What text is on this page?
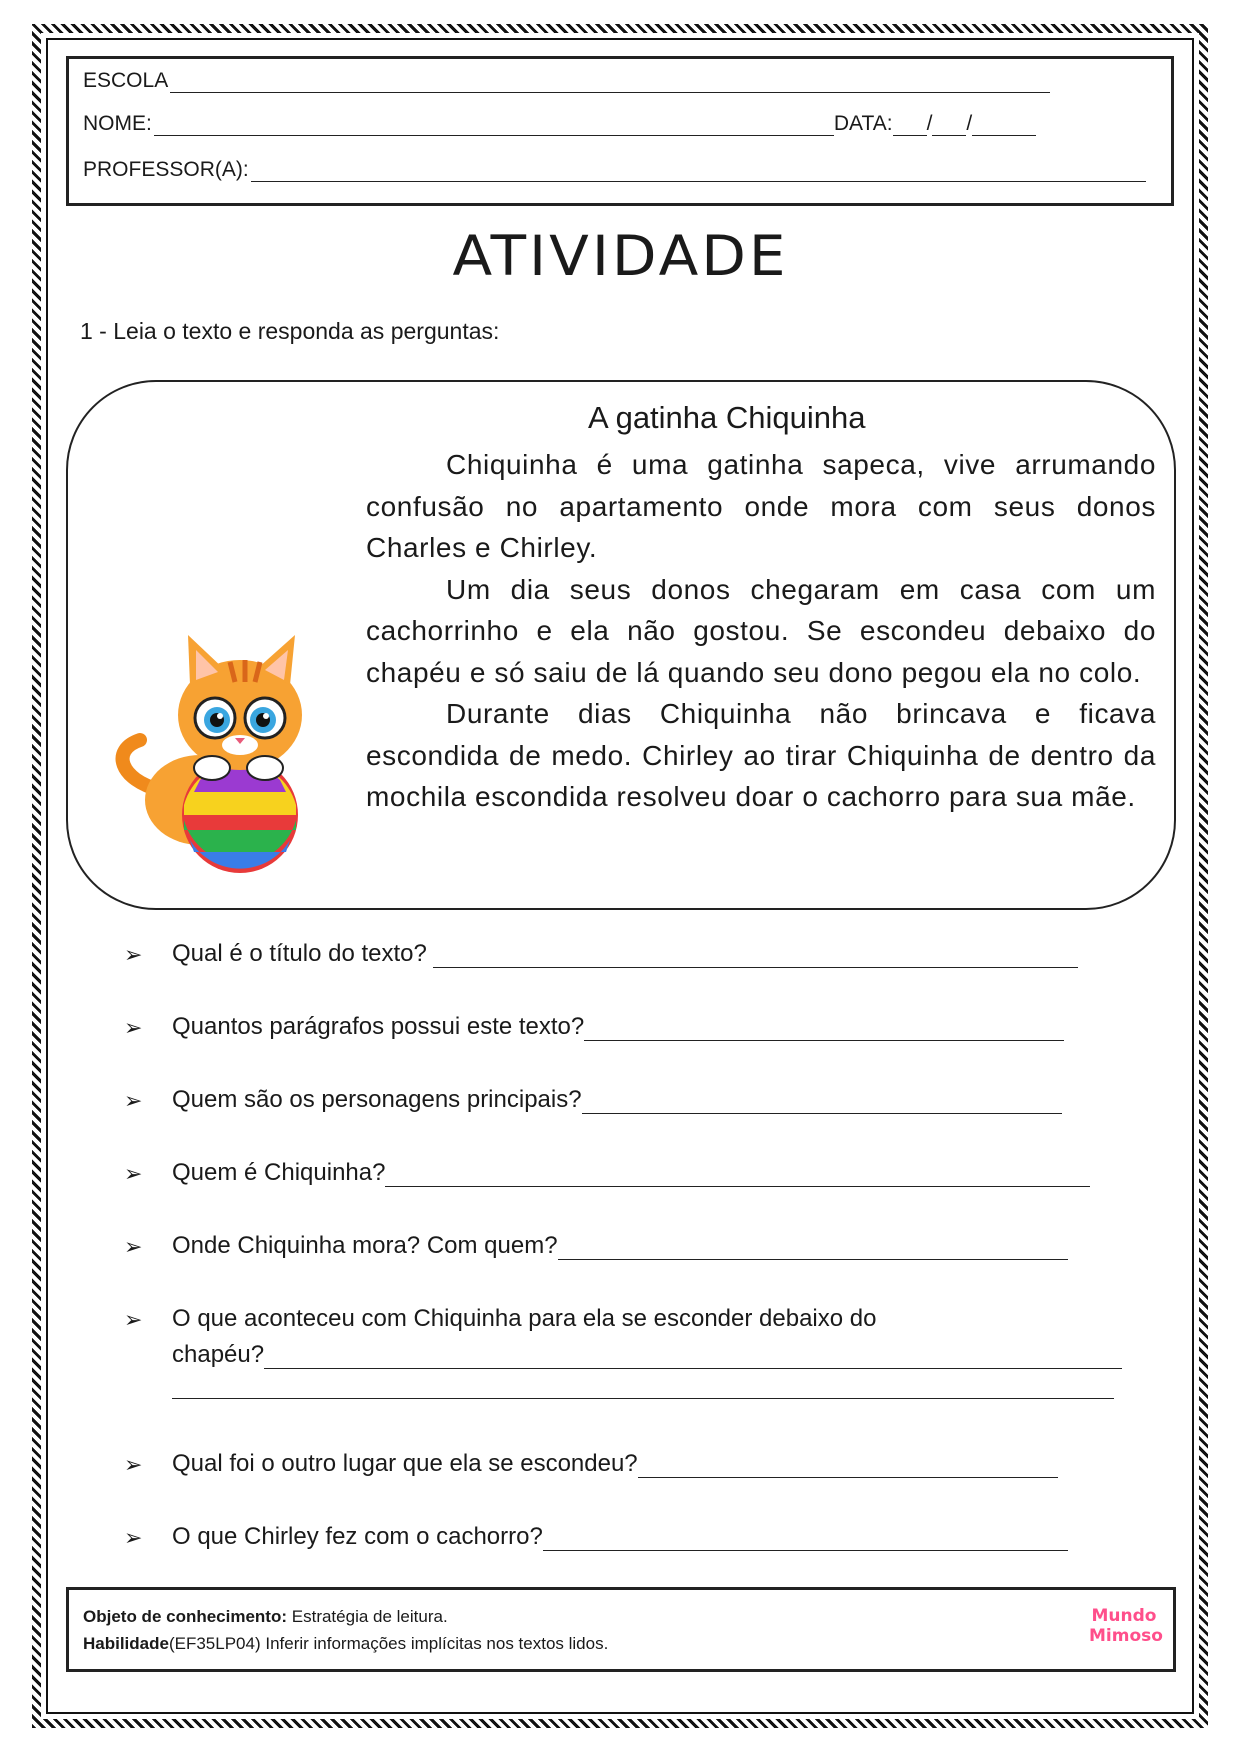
ESCOLA
NOME:	DATA: / /
PROFESSOR(A):
ATIVIDADE
1 - Leia o texto e responda as perguntas:
A gatinha Chiquinha

Chiquinha é uma gatinha sapeca, vive arrumando confusão no apartamento onde mora com seus donos Charles e Chirley.

Um dia seus donos chegaram em casa com um cachorrinho e ela não gostou. Se escondeu debaixo do chapéu e só saiu de lá quando seu dono pegou ela no colo.

Durante dias Chiquinha não brincava e ficava escondida de medo. Chirley ao tirar Chiquinha de dentro da mochila escondida resolveu doar o cachorro para sua mãe.

➢	Qual é o título do texto?
➢	Quantos parágrafos possui este texto?
➢	Quem são os personagens principais?
➢	Quem é Chiquinha?
➢	Onde Chiquinha mora? Com quem?
➢	O que aconteceu com Chiquinha para ela se esconder debaixo do
chapéu?
➢	Qual foi o outro lugar que ela se escondeu?
➢	O que Chirley fez com o cachorro?
Objeto de conhecimento: Estratégia de leitura.
Habilidade(EF35LP04) Inferir informações implícitas nos textos lidos.
Mundo
Mimoso
